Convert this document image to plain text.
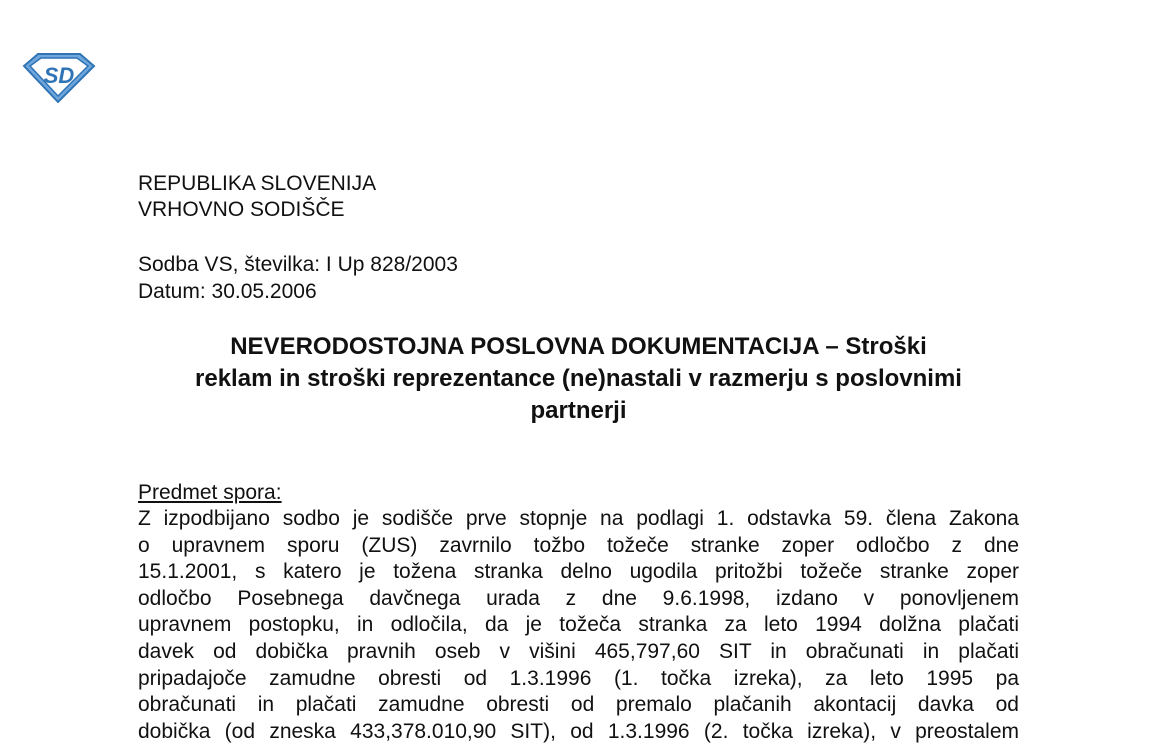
SD
REPUBLIKA SLOVENIJA
VRHOVNO SODIŠČE
Sodba VS, številka: I Up 828/2003
Datum: 30.05.2006
NEVERODOSTOJNA POSLOVNA DOKUMENTACIJA – Stroški
reklam in stroški reprezentance (ne)nastali v razmerju s poslovnimi
partnerji
Predmet spora:
Z izpodbijano sodbo je sodišče prve stopnje na podlagi 1. odstavka 59. člena Zakona
o upravnem sporu (ZUS) zavrnilo tožbo tožeče stranke zoper odločbo z dne
15.1.2001, s katero je tožena stranka delno ugodila pritožbi tožeče stranke zoper
odločbo Posebnega davčnega urada z dne 9.6.1998, izdano v ponovljenem
upravnem postopku, in odločila, da je tožeča stranka za leto 1994 dolžna plačati
davek od dobička pravnih oseb v višini 465,797,60 SIT in obračunati in plačati
pripadajoče zamudne obresti od 1.3.1996 (1. točka izreka), za leto 1995 pa
obračunati in plačati zamudne obresti od premalo plačanih akontacij davka od
dobička (od zneska 433,378.010,90 SIT), od 1.3.1996 (2. točka izreka), v preostalem
